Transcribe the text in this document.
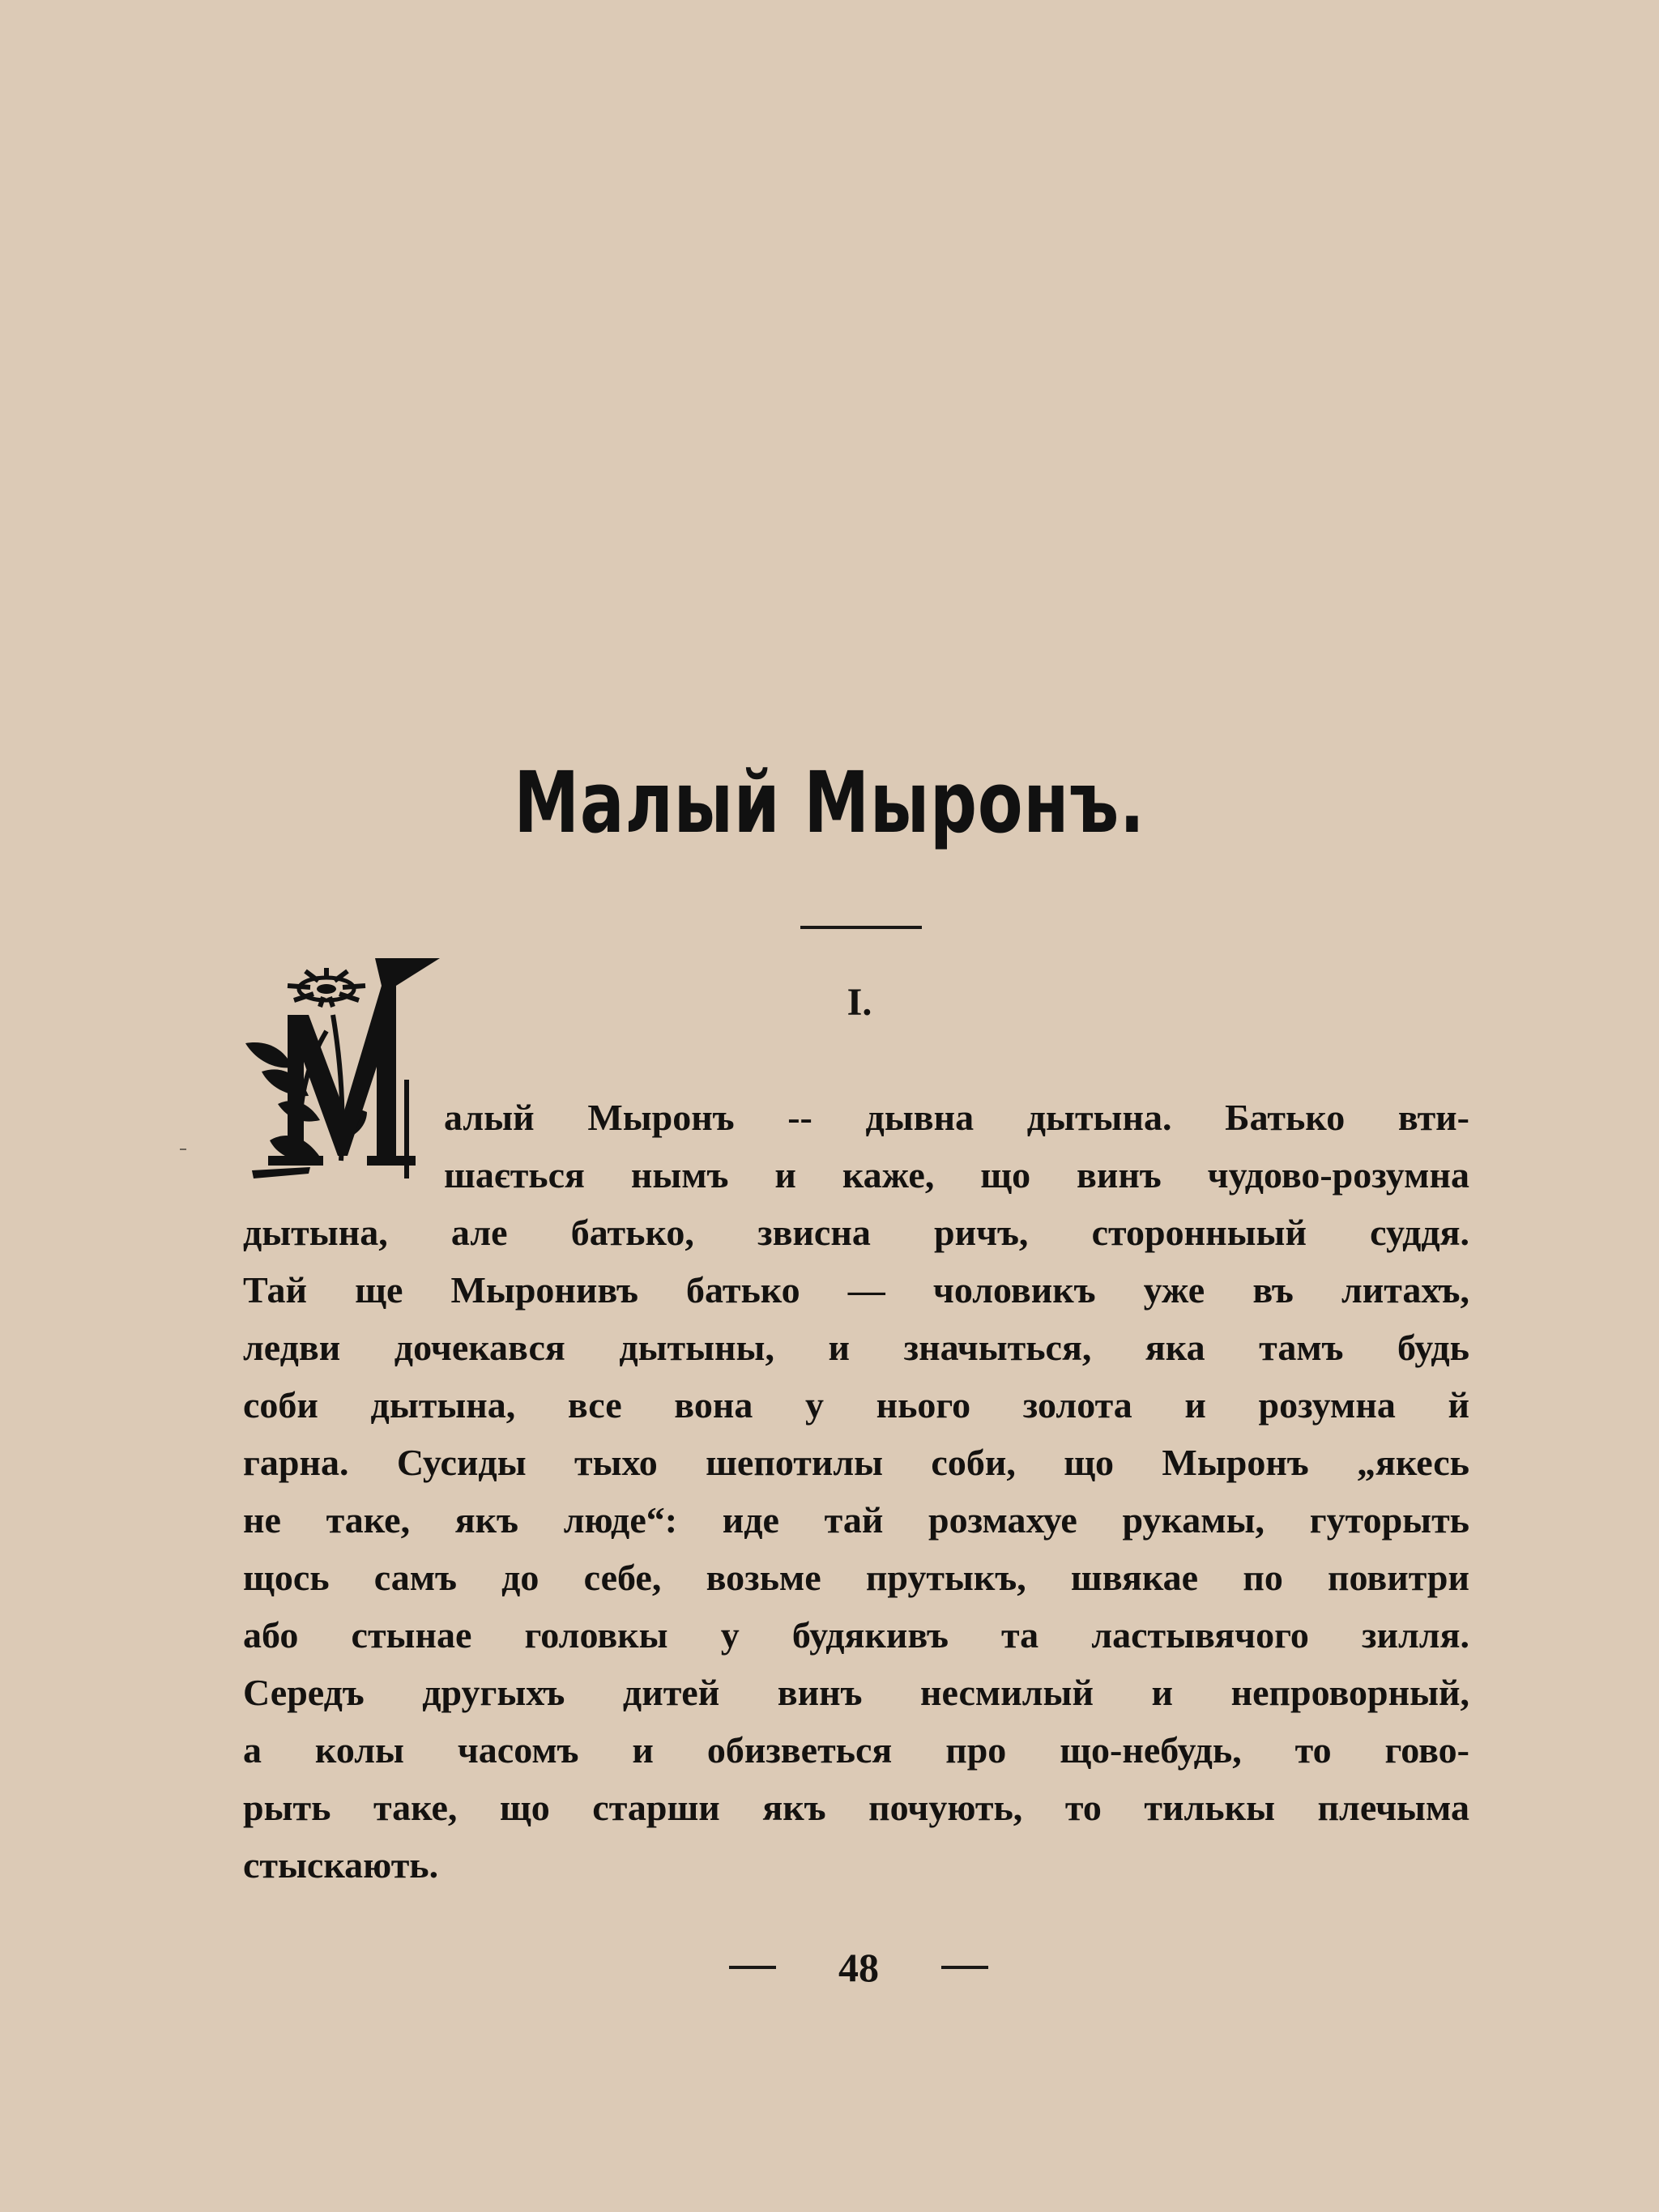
Малый Мыронъ.
I.
алый Мыронъ -- дывна дытына. Батько вти-
шається нымъ и каже, що винъ чудово-розумна
дытына, але батько, звисна ричъ, сторонныый суддя.
Тай ще Мыронивъ батько — чоловикъ уже въ литахъ,
ледви дочекався дытыны, и значыться, яка тамъ будь
соби дытына, все вона у нього золота и розумна й
гарна. Сусиды тыхо шепотилы соби, що Мыронъ „якесь
не таке, якъ люде“: иде тай розмахуе рукамы, гуторыть
щось самъ до себе, возьме прутыкъ, швякае по повитри
або стынае головкы у будякивъ та ластывячого зилля.
Середъ другыхъ дитей винъ несмилый и непроворный,
а колы часомъ и обизветься про що-небудь, то гово-
рыть таке, що старши якъ почують, то тилькы плечыма
стыскають.
48
